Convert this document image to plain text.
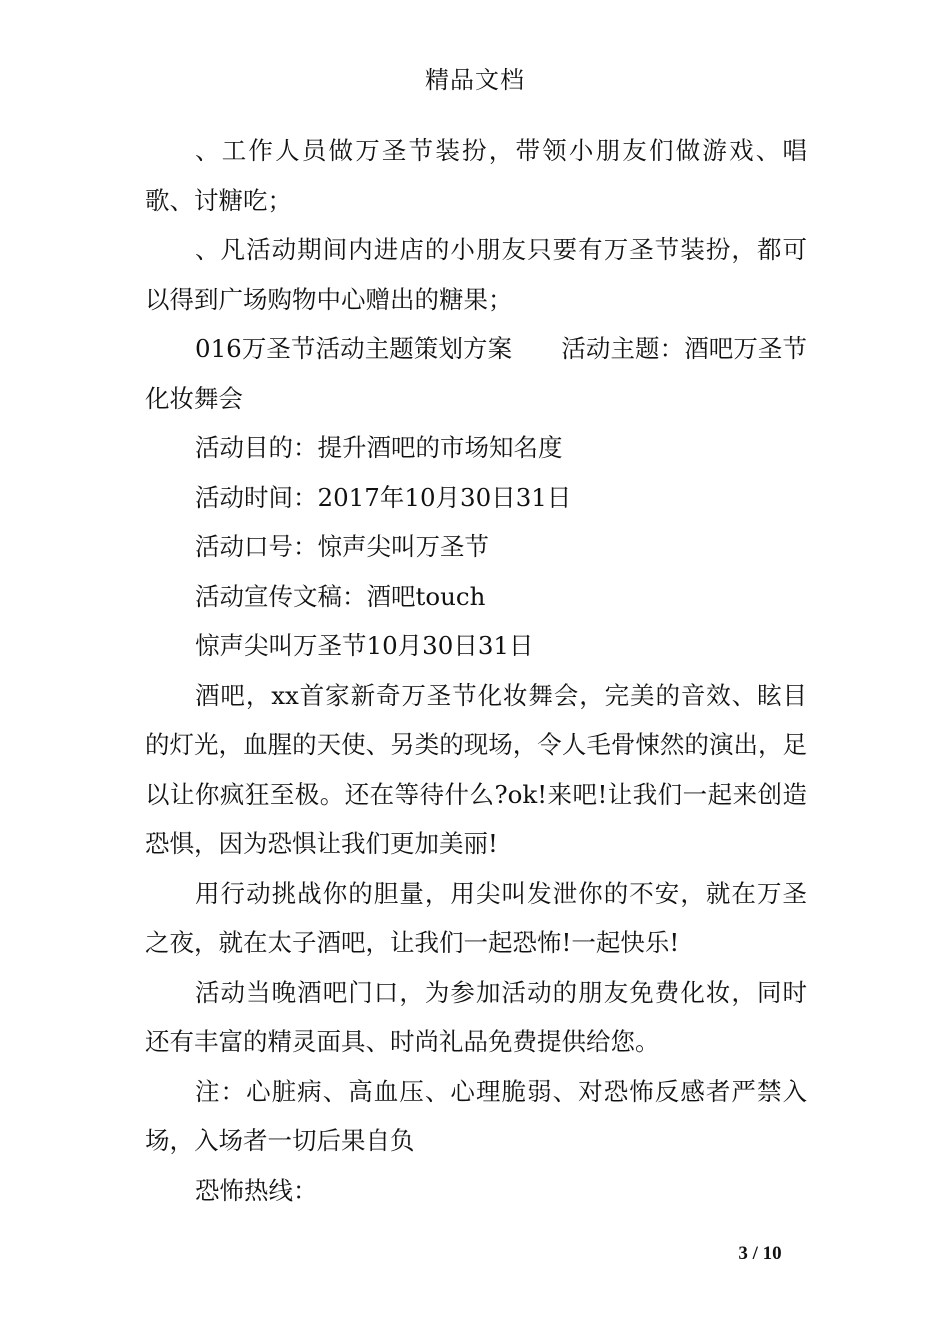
精品文档

、工作人员做万圣节装扮，带领小朋友们做游戏、唱歌、讨糖吃；

、凡活动期间内进店的小朋友只要有万圣节装扮，都可以得到广场购物中心赠出的糖果；

016万圣节活动主题策划方案　　活动主题：酒吧万圣节化妆舞会

活动目的：提升酒吧的市场知名度

活动时间：2017年10月30日31日

活动口号：惊声尖叫万圣节

活动宣传文稿：酒吧touch

惊声尖叫万圣节10月30日31日

酒吧，xx首家新奇万圣节化妆舞会，完美的音效、眩目的灯光，血腥的天使、另类的现场，令人毛骨悚然的演出，足以让你疯狂至极。还在等待什么?ok!来吧!让我们一起来创造恐惧，因为恐惧让我们更加美丽!

用行动挑战你的胆量，用尖叫发泄你的不安，就在万圣之夜，就在太子酒吧，让我们一起恐怖!一起快乐!

活动当晚酒吧门口，为参加活动的朋友免费化妆，同时还有丰富的精灵面具、时尚礼品免费提供给您。

注：心脏病、高血压、心理脆弱、对恐怖反感者严禁入场，入场者一切后果自负

恐怖热线：

3 / 10
